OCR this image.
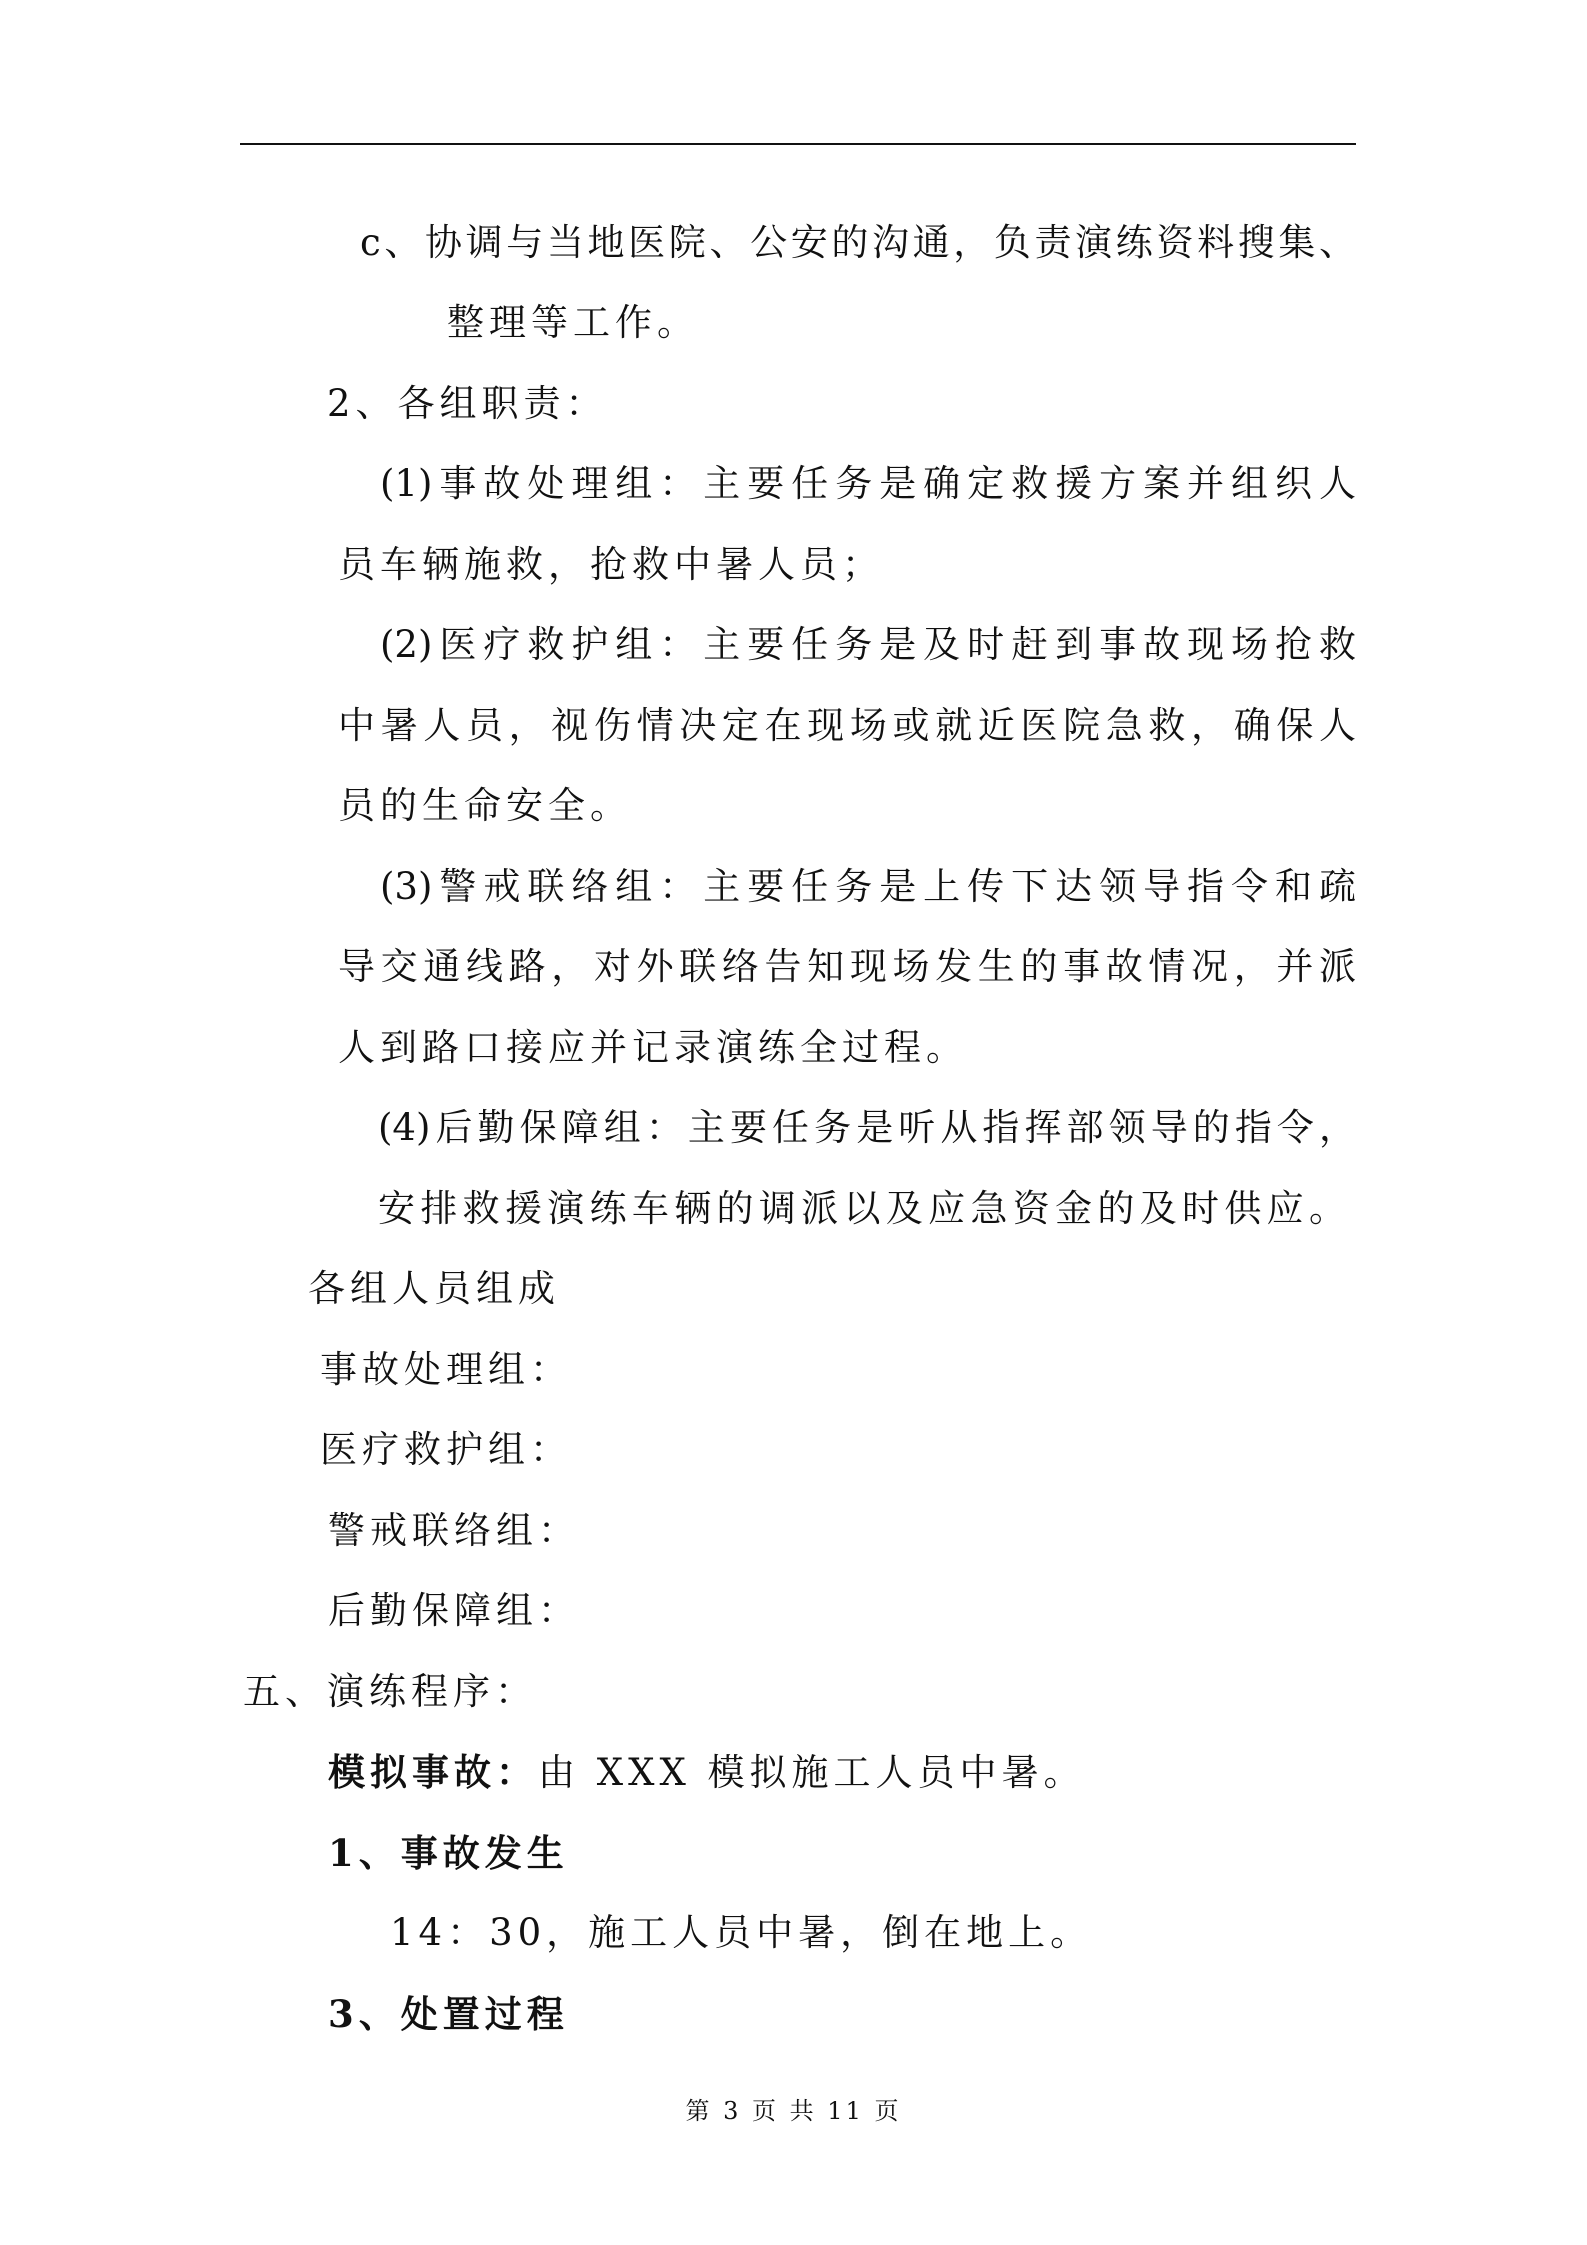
c、协调与当地医院、公安的沟通，负责演练资料搜集、
整理等工作。
2、各组职责：
(1)事故处理组：主要任务是确定救援方案并组织人
员车辆施救，抢救中暑人员；
(2)医疗救护组：主要任务是及时赶到事故现场抢救
中暑人员，视伤情决定在现场或就近医院急救，确保人
员的生命安全。
(3)警戒联络组：主要任务是上传下达领导指令和疏
导交通线路，对外联络告知现场发生的事故情况，并派
人到路口接应并记录演练全过程。
(4)后勤保障组：主要任务是听从指挥部领导的指令，
安排救援演练车辆的调派以及应急资金的及时供应。
各组人员组成
事故处理组：
医疗救护组：
警戒联络组：
后勤保障组：
五、演练程序：
模拟事故：由 XXX 模拟施工人员中暑。
1、事故发生
14：30，施工人员中暑，倒在地上。
3、处置过程
第 3 页 共 11 页
